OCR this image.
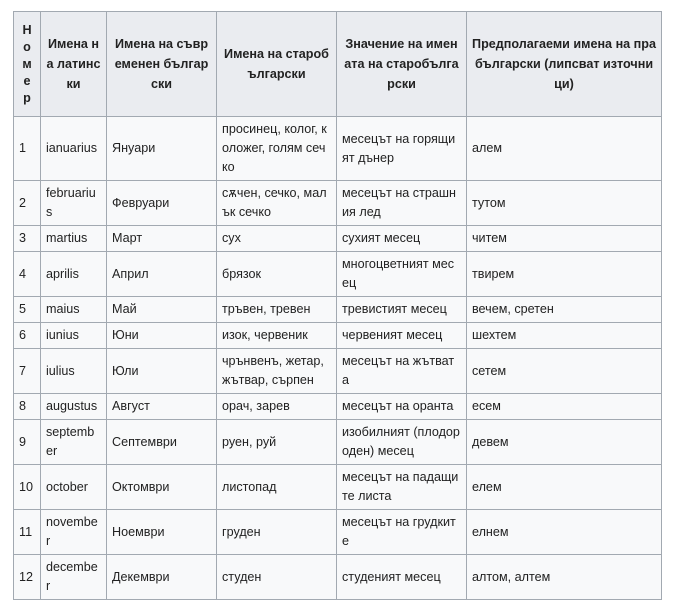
Н
о
м
е
р	Имена на латински	Имена на съвременен български	Имена на старобългарски	Значение на имената на старобългарски	Предполагаеми имена на прабългарски (липсват източници)
1	ianuarius	Януари	просинец, колог, коложег, голям сечко	месецът на горящият дънер	алем
2	februarius	Февруари	сѫчен, сечко, малък сечко	месецът на страшния лед	тутом
3	martius	Март	сух	сухият месец	читем
4	aprilis	Април	брязок	многоцветният месец	твирем
5	maius	Май	тръвен, тревен	тревистият месец	вечем, сретен
6	iunius	Юни	изок, червеник	червеният месец	шехтем
7	iulius	Юли	чрънвенъ, жетар, жътвар, сърпен	месецът на жътвата	сетем
8	augustus	Август	орач, зарев	месецът на оранта	есем
9	september	Септември	руен, руй	изобилният (плодороден) месец	девем
10	october	Октомври	листопад	месецът на падащите листа	елем
11	november	Ноември	груден	месецът на грудките	елнем
12	december	Декември	студен	студеният месец	алтом, алтем
